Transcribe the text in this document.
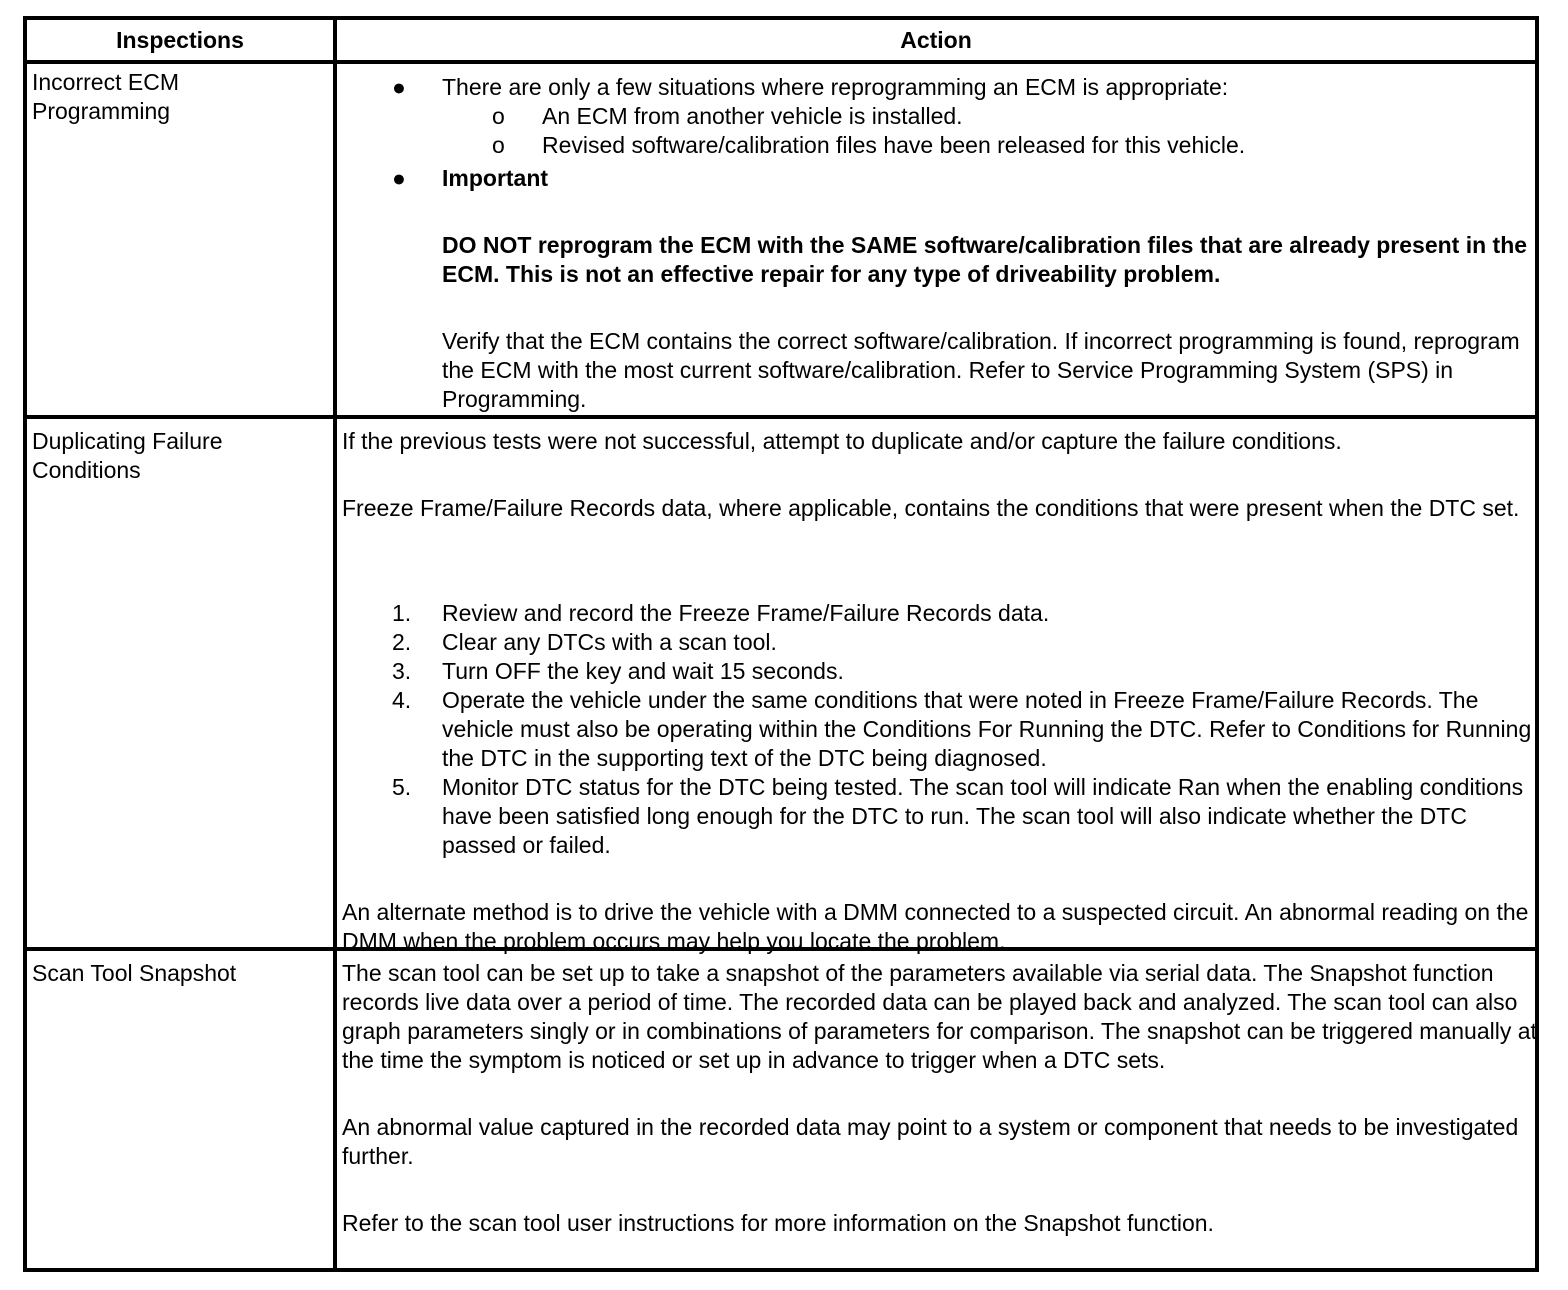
Inspections	Action

Incorrect ECM

Programming

● There are only a few situations where reprogramming an ECM is appropriate:
o An ECM from another vehicle is installed.
o Revised software/calibration files have been released for this vehicle.
● Important

DO NOT reprogram the ECM with the SAME software/calibration files that are already present in the ECM. This is not an effective repair for any type of driveability problem.

Verify that the ECM contains the correct software/calibration. If incorrect programming is found, reprogram the ECM with the most current software/calibration. Refer to Service Programming System (SPS) in Programming.

Duplicating Failure

Conditions

If the previous tests were not successful, attempt to duplicate and/or capture the failure conditions.

Freeze Frame/Failure Records data, where applicable, contains the conditions that were present when the DTC set.

1. Review and record the Freeze Frame/Failure Records data.
2. Clear any DTCs with a scan tool.
3. Turn OFF the key and wait 15 seconds.
4. Operate the vehicle under the same conditions that were noted in Freeze Frame/Failure Records. The vehicle must also be operating within the Conditions For Running the DTC. Refer to Conditions for Running the DTC in the supporting text of the DTC being diagnosed.
5. Monitor DTC status for the DTC being tested. The scan tool will indicate Ran when the enabling conditions have been satisfied long enough for the DTC to run. The scan tool will also indicate whether the DTC passed or failed.

An alternate method is to drive the vehicle with a DMM connected to a suspected circuit. An abnormal reading on the DMM when the problem occurs may help you locate the problem.

Scan Tool Snapshot	The scan tool can be set up to take a snapshot of the parameters available via serial data. The Snapshot function records live data over a period of time. The recorded data can be played back and analyzed. The scan tool can also graph parameters singly or in combinations of parameters for comparison. The snapshot can be triggered manually at the time the symptom is noticed or set up in advance to trigger when a DTC sets.

An abnormal value captured in the recorded data may point to a system or component that needs to be investigated further.

Refer to the scan tool user instructions for more information on the Snapshot function.
